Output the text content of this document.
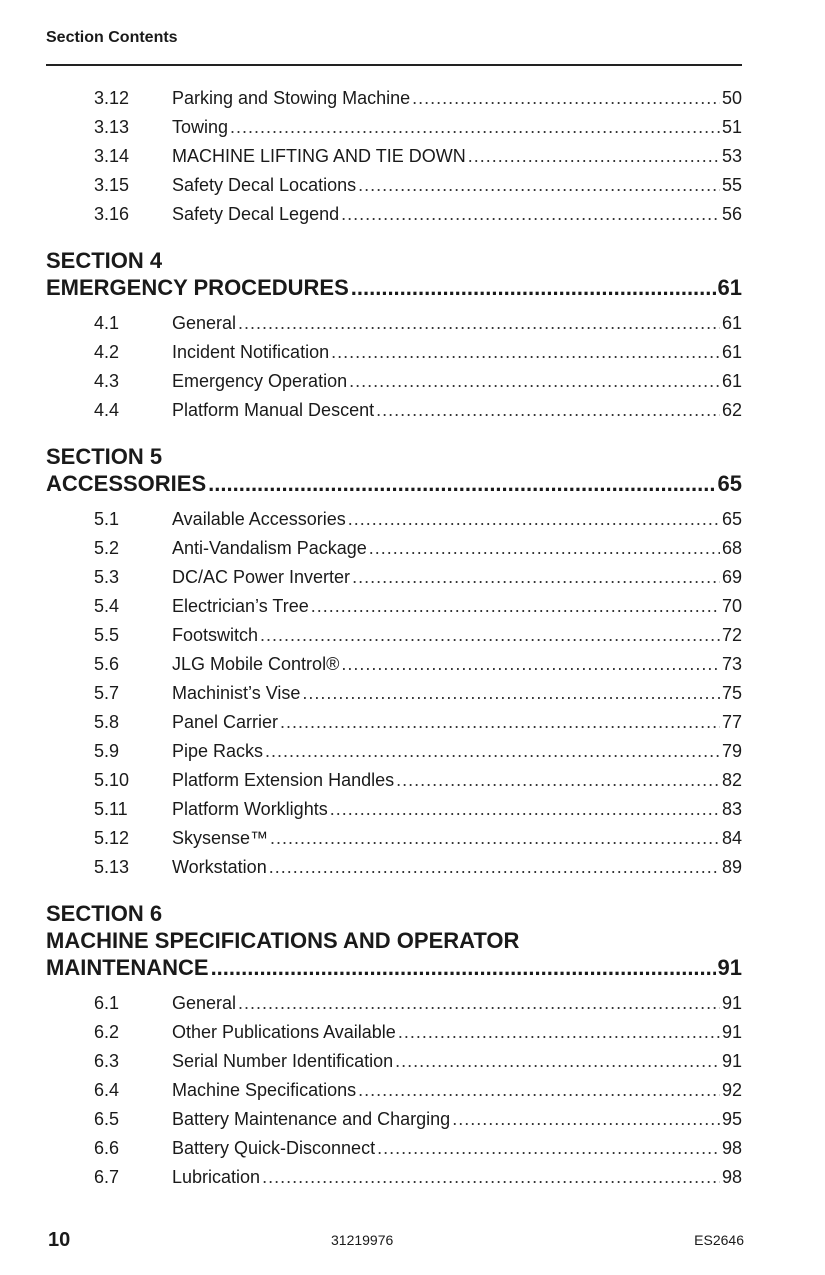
Section Contents
3.12	Parking and Stowing Machine .....	50
3.13	Towing .....	51
3.14	MACHINE LIFTING AND TIE DOWN .....	53
3.15	Safety Decal Locations .....	55
3.16	Safety Decal Legend .....	56
SECTION 4
EMERGENCY PROCEDURES .....	61
4.1	General .....	61
4.2	Incident Notification .....	61
4.3	Emergency Operation .....	61
4.4	Platform Manual Descent .....	62
SECTION 5
ACCESSORIES .....	65
5.1	Available Accessories .....	65
5.2	Anti-Vandalism Package .....	68
5.3	DC/AC Power Inverter .....	69
5.4	Electrician’s Tree .....	70
5.5	Footswitch .....	72
5.6	JLG Mobile Control® .....	73
5.7	Machinist’s Vise .....	75
5.8	Panel Carrier .....	77
5.9	Pipe Racks .....	79
5.10	Platform Extension Handles .....	82
5.11	Platform Worklights .....	83
5.12	Skysense™ .....	84
5.13	Workstation .....	89
SECTION 6
MACHINE SPECIFICATIONS AND OPERATOR
MAINTENANCE .....	91
6.1	General .....	91
6.2	Other Publications Available .....	91
6.3	Serial Number Identification .....	91
6.4	Machine Specifications .....	92
6.5	Battery Maintenance and Charging .....	95
6.6	Battery Quick-Disconnect .....	98
6.7	Lubrication .....	98
10	31219976	ES2646
